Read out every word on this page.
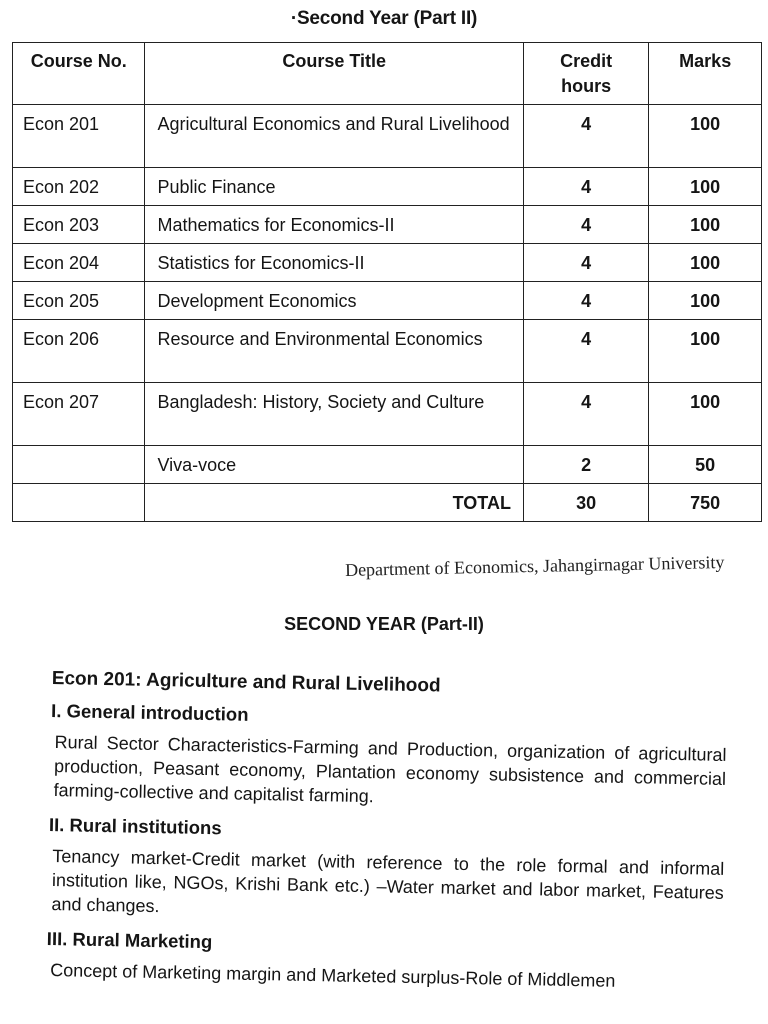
·Second Year (Part II)
Course No.	Course Title	Credit hours	Marks
Econ 201	Agricultural Economics and Rural Livelihood	4	100
Econ 202	Public Finance	4	100
Econ 203	Mathematics for Economics-II	4	100
Econ 204	Statistics for Economics-II	4	100
Econ 205	Development Economics	4	100
Econ 206	Resource and Environmental Economics	4	100
Econ 207	Bangladesh: History, Society and Culture	4	100
	Viva-voce	2	50
	TOTAL	30	750
Department of Economics, Jahangirnagar University
SECOND YEAR (Part-II)
Econ 201: Agriculture and Rural Livelihood
I. General introduction
Rural Sector Characteristics-Farming and Production, organization of agricultural production, Peasant economy, Plantation economy subsistence and commercial farming-collective and capitalist farming.
II. Rural institutions
Tenancy market-Credit market (with reference to the role formal and informal institution like, NGOs, Krishi Bank etc.) –Water market and labor market, Features and changes.
III. Rural Marketing
Concept of Marketing margin and Marketed surplus-Role of Middlemen
